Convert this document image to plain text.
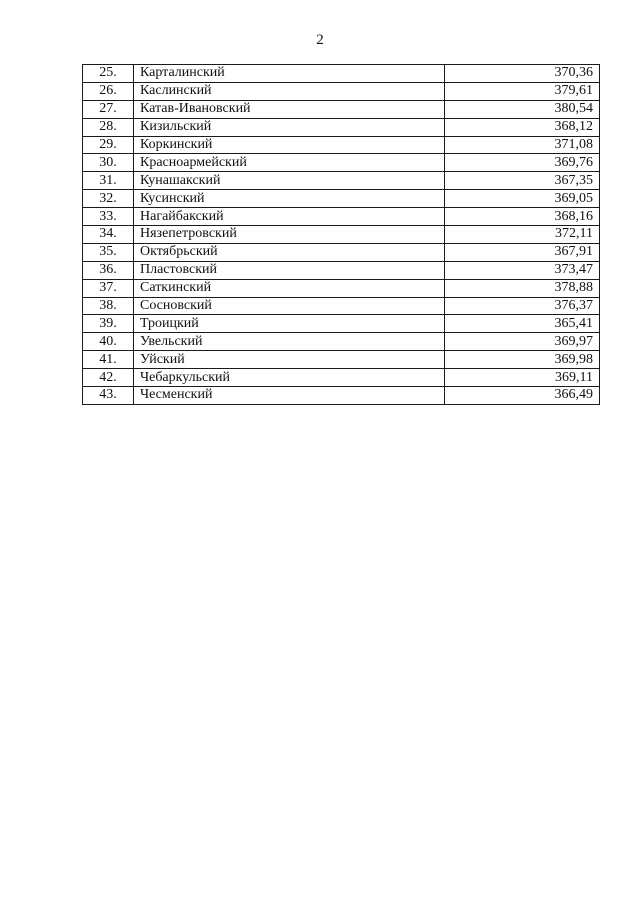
2
25.	Карталинский	370,36
26.	Каслинский	379,61
27.	Катав-Ивановский	380,54
28.	Кизильский	368,12
29.	Коркинский	371,08
30.	Красноармейский	369,76
31.	Кунашакский	367,35
32.	Кусинский	369,05
33.	Нагайбакский	368,16
34.	Нязепетровский	372,11
35.	Октябрьский	367,91
36.	Пластовский	373,47
37.	Саткинский	378,88
38.	Сосновский	376,37
39.	Троицкий	365,41
40.	Увельский	369,97
41.	Уйский	369,98
42.	Чебаркульский	369,11
43.	Чесменский	366,49
